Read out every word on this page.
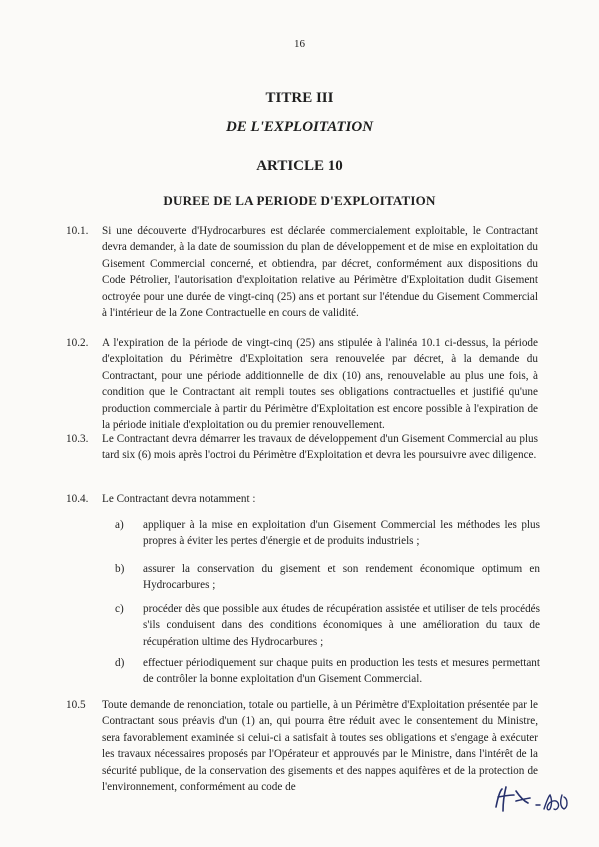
16
TITRE III
DE L'EXPLOITATION
ARTICLE 10
DUREE DE LA PERIODE D'EXPLOITATION
10.1.	Si une découverte d'Hydrocarbures est déclarée commercialement exploitable, le Contractant devra demander, à la date de soumission du plan de développement et de mise en exploitation du Gisement Commercial concerné, et obtiendra, par décret, conformément aux dispositions du Code Pétrolier, l'autorisation d'exploitation relative au Périmètre d'Exploitation dudit Gisement octroyée pour une durée de vingt-cinq (25) ans et portant sur l'étendue du Gisement Commercial à l'intérieur de la Zone Contractuelle en cours de validité.
10.2.	A l'expiration de la période de vingt-cinq (25) ans stipulée à l'alinéa 10.1 ci-dessus, la période d'exploitation du Périmètre d'Exploitation sera renouvelée par décret, à la demande du Contractant, pour une période additionnelle de dix (10) ans, renouvelable au plus une fois, à condition que le Contractant ait rempli toutes ses obligations contractuelles et justifié qu'une production commerciale à partir du Périmètre d'Exploitation est encore possible à l'expiration de la période initiale d'exploitation ou du premier renouvellement.
10.3.	Le Contractant devra démarrer les travaux de développement d'un Gisement Commercial au plus tard six (6) mois après l'octroi du Périmètre d'Exploitation et devra les poursuivre avec diligence.
10.4.	Le Contractant devra notamment :
a)	appliquer à la mise en exploitation d'un Gisement Commercial les méthodes les plus propres à éviter les pertes d'énergie et de produits industriels ;
b)	assurer la conservation du gisement et son rendement économique optimum en Hydrocarbures ;
c)	procéder dès que possible aux études de récupération assistée et utiliser de tels procédés s'ils conduisent dans des conditions économiques à une amélioration du taux de récupération ultime des Hydrocarbures ;
d)	effectuer périodiquement sur chaque puits en production les tests et mesures permettant de contrôler la bonne exploitation d'un Gisement Commercial.
10.5	Toute demande de renonciation, totale ou partielle, à un Périmètre d'Exploitation présentée par le Contractant sous préavis d'un (1) an, qui pourra être réduit avec le consentement du Ministre, sera favorablement examinée si celui-ci a satisfait à toutes ses obligations et s'engage à exécuter les travaux nécessaires proposés par l'Opérateur et approuvés par le Ministre, dans l'intérêt de la sécurité publique, de la conservation des gisements et des nappes aquifères et de la protection de l'environnement, conformément au code de
